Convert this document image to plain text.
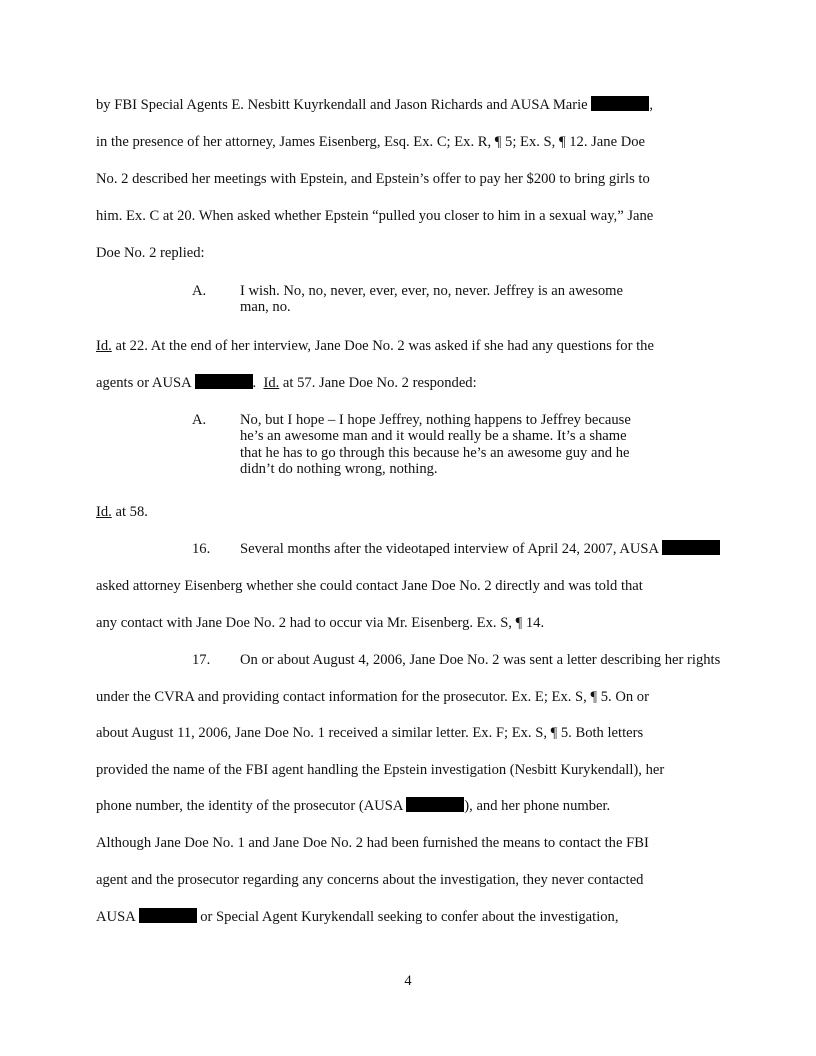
by FBI Special Agents E. Nesbitt Kuyrkendall and Jason Richards and AUSA Marie	,
in the presence of her attorney, James Eisenberg, Esq. Ex. C; Ex. R, ¶ 5; Ex. S, ¶ 12. Jane Doe
No. 2 described her meetings with Epstein, and Epstein’s offer to pay her $200 to bring girls to
him. Ex. C at 20. When asked whether Epstein “pulled you closer to him in a sexual way,” Jane
Doe No. 2 replied:
A. I wish. No, no, never, ever, ever, no, never. Jeffrey is an awesome
man, no.
Id. at 22. At the end of her interview, Jane Doe No. 2 was asked if she had any questions for the
agents or AUSA	.  Id. at 57. Jane Doe No. 2 responded:
A. No, but I hope – I hope Jeffrey, nothing happens to Jeffrey because
he’s an awesome man and it would really be a shame. It’s a shame
that he has to go through this because he’s an awesome guy and he
didn’t do nothing wrong, nothing.
Id. at 58.
16.	Several months after the videotaped interview of April 24, 2007, AUSA
asked attorney Eisenberg whether she could contact Jane Doe No. 2 directly and was told that
any contact with Jane Doe No. 2 had to occur via Mr. Eisenberg. Ex. S, ¶ 14.
17. On or about August 4, 2006, Jane Doe No. 2 was sent a letter describing her rights
under the CVRA and providing contact information for the prosecutor. Ex. E; Ex. S, ¶ 5. On or
about August 11, 2006, Jane Doe No. 1 received a similar letter. Ex. F; Ex. S, ¶ 5. Both letters
provided the name of the FBI agent handling the Epstein investigation (Nesbitt Kurykendall), her
phone number, the identity of the prosecutor (AUSA	), and her phone number.
Although Jane Doe No. 1 and Jane Doe No. 2 had been furnished the means to contact the FBI
agent and the prosecutor regarding any concerns about the investigation, they never contacted
AUSA	or Special Agent Kurykendall seeking to confer about the investigation,
4
